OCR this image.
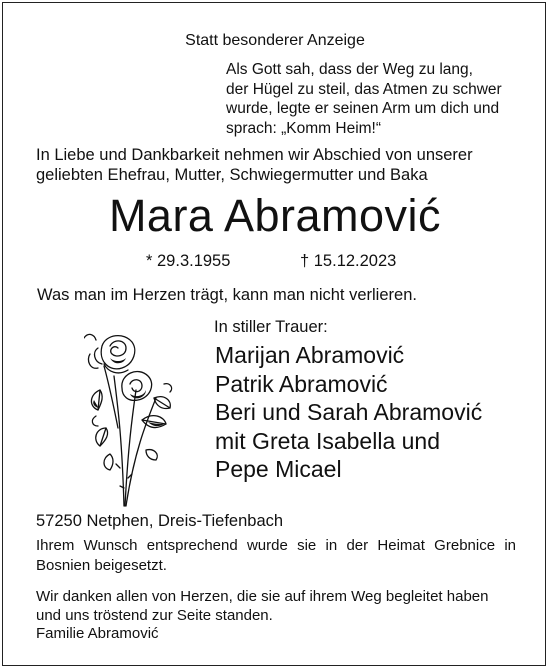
Statt besonderer Anzeige
Als Gott sah, dass der Weg zu lang,
der Hügel zu steil, das Atmen zu schwer
wurde, legte er seinen Arm um dich und
sprach: „Komm Heim!“
In Liebe und Dankbarkeit nehmen wir Abschied von unserer
geliebten Ehefrau, Mutter, Schwiegermutter und Baka
Mara Abramović
* 29.3.1955	† 15.12.2023
Was man im Herzen trägt, kann man nicht verlieren.
In stiller Trauer:
Marijan Abramović
Patrik Abramović
Beri und Sarah Abramović
mit Greta Isabella und
Pepe Micael
57250 Netphen, Dreis-Tiefenbach
Ihrem Wunsch entsprechend wurde sie in der Heimat Grebnice in Bosnien beigesetzt.
Wir danken allen von Herzen, die sie auf ihrem Weg begleitet haben
und uns tröstend zur Seite standen.
Familie Abramović
